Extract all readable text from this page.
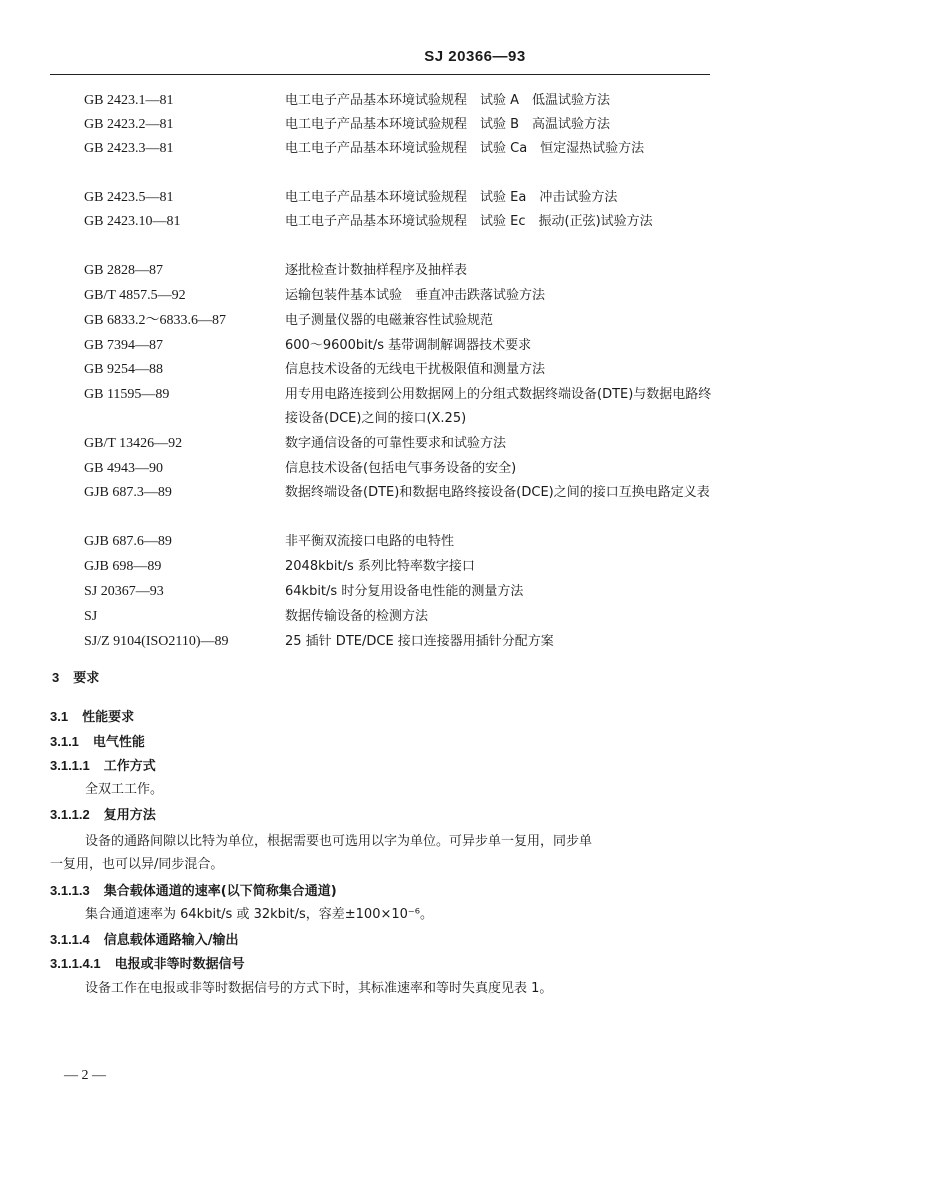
SJ 20366—93
GB 2423.1—81	电工电子产品基本环境试验规程　试验 A　低温试验方法
GB 2423.2—81	电工电子产品基本环境试验规程　试验 B　高温试验方法
GB 2423.3—81	电工电子产品基本环境试验规程　试验 Ca　恒定湿热试验方法
GB 2423.5—81	电工电子产品基本环境试验规程　试验 Ea　冲击试验方法
GB 2423.10—81	电工电子产品基本环境试验规程　试验 Ec　振动(正弦)试验方法
GB 2828—87	逐批检查计数抽样程序及抽样表
GB/T 4857.5—92	运输包装件基本试验　垂直冲击跌落试验方法
GB 6833.2～6833.6—87	电子测量仪器的电磁兼容性试验规范
GB 7394—87	600～9600bit/s 基带调制解调器技术要求
GB 9254—88	信息技术设备的无线电干扰极限值和测量方法
GB 11595—89	用专用电路连接到公用数据网上的分组式数据终端设备(DTE)与数据电路终接设备(DCE)之间的接口(X.25)
GB/T 13426—92	数字通信设备的可靠性要求和试验方法
GB 4943—90	信息技术设备(包括电气事务设备的安全)
GJB 687.3—89	数据终端设备(DTE)和数据电路终接设备(DCE)之间的接口互换电路定义表
GJB 687.6—89	非平衡双流接口电路的电特性
GJB 698—89	2048kbit/s 系列比特率数字接口
SJ 20367—93	64kbit/s 时分复用设备电性能的测量方法
SJ	数据传输设备的检测方法
SJ/Z 9104(ISO2110)—89	25 插针 DTE/DCE 接口连接器用插针分配方案
3 要求
3.1 性能要求
3.1.1 电气性能
3.1.1.1 工作方式
全双工工作。
3.1.1.2 复用方法
设备的通路间隙以比特为单位，根据需要也可选用以字为单位。可异步单一复用，同步单
一复用，也可以异/同步混合。
3.1.1.3 集合载体通道的速率(以下简称集合通道)
集合通道速率为 64kbit/s 或 32kbit/s，容差±100×10⁻⁶。
3.1.1.4 信息载体通路输入/输出
3.1.1.4.1 电报或非等时数据信号
设备工作在电报或非等时数据信号的方式下时，其标准速率和等时失真度见表 1。
— 2 —
